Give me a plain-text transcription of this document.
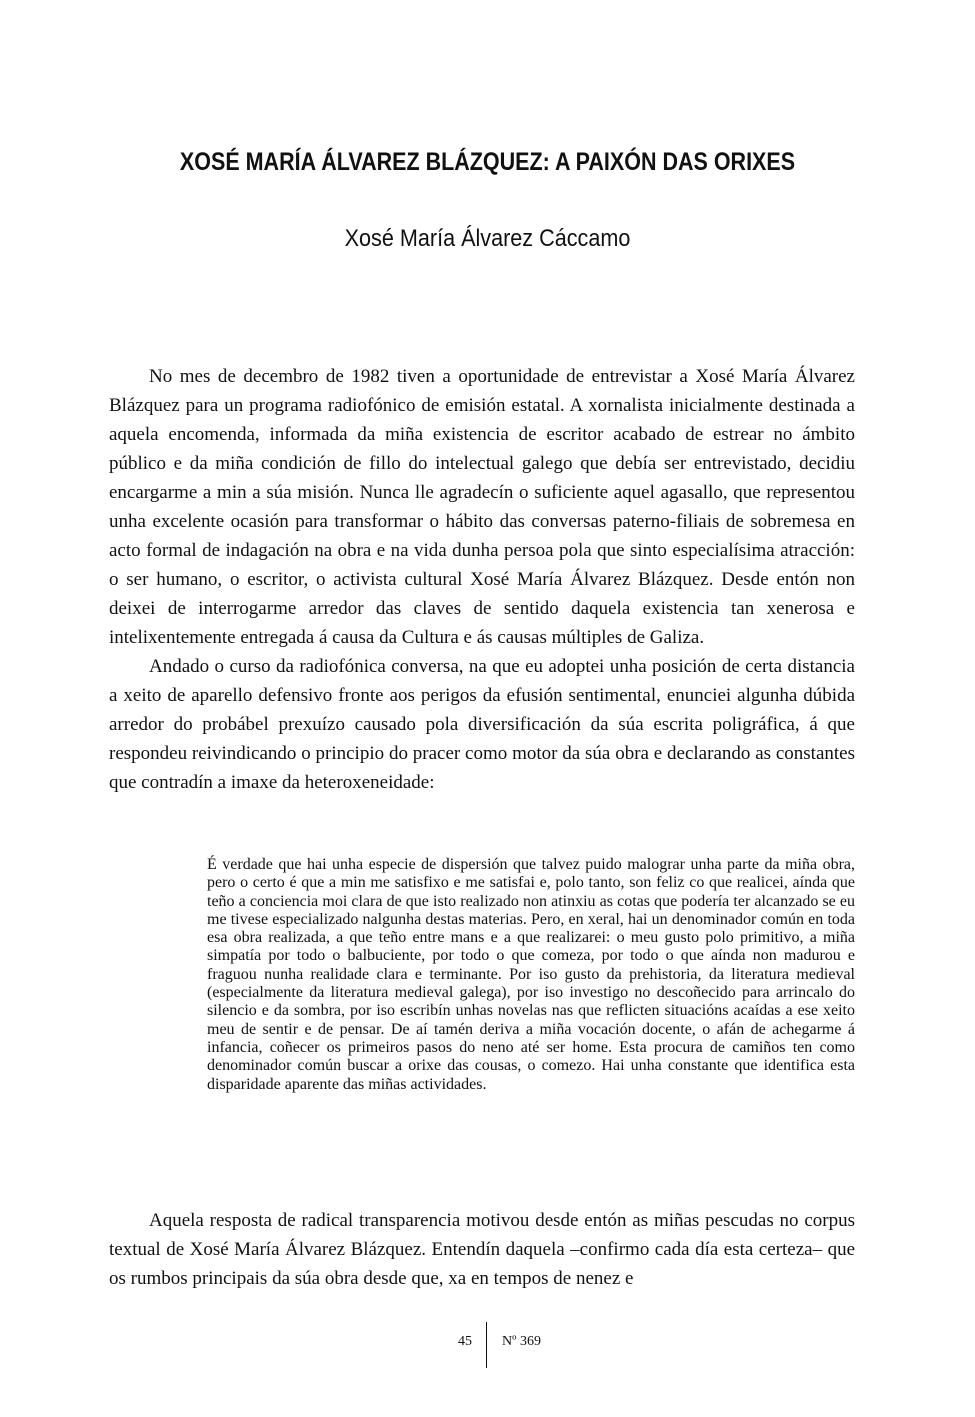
XOSÉ MARÍA ÁLVAREZ BLÁZQUEZ: A PAIXÓN DAS ORIXES
Xosé María Álvarez Cáccamo

No mes de decembro de 1982 tiven a oportunidade de entrevistar a Xosé María Álvarez Blázquez para un programa radiofónico de emisión estatal. A xornalista inicialmente destinada a aquela encomenda, informada da miña existencia de escritor acabado de estrear no ámbito público e da miña condición de fillo do intelectual galego que debía ser entrevistado, decidiu encargarme a min a súa misión. Nunca lle agradecín o suficiente aquel agasallo, que representou unha excelente ocasión para transformar o hábito das conversas paterno-filiais de sobremesa en acto formal de indagación na obra e na vida dunha persoa pola que sinto especialísima atracción: o ser humano, o escritor, o activista cultural Xosé María Álvarez Blázquez. Desde entón non deixei de interrogarme arredor das claves de sentido daquela existencia tan xenerosa e intelixentemente entregada á causa da Cultura e ás causas múltiples de Galiza.

Andado o curso da radiofónica conversa, na que eu adoptei unha posición de certa distancia a xeito de aparello defensivo fronte aos perigos da efusión sentimental, enunciei algunha dúbida arredor do probábel prexuízo causado pola diversificación da súa escrita poligráfica, á que respondeu reivindicando o principio do pracer como motor da súa obra e declarando as constantes que contradín a imaxe da heteroxeneidade:

É verdade que hai unha especie de dispersión que talvez puido malograr unha parte da miña obra, pero o certo é que a min me satisfixo e me satisfai e, polo tanto, son feliz co que realicei, aínda que teño a conciencia moi clara de que isto realizado non atinxiu as cotas que podería ter alcanzado se eu me tivese especializado nalgunha destas materias. Pero, en xeral, hai un denominador común en toda esa obra realizada, a que teño entre mans e a que realizarei: o meu gusto polo primitivo, a miña simpatía por todo o balbuciente, por todo o que comeza, por todo o que aínda non madurou e fraguou nunha realidade clara e terminante. Por iso gusto da prehistoria, da literatura medieval (especialmente da literatura medieval galega), por iso investigo no descoñecido para arrincalo do silencio e da sombra, por iso escribín unhas novelas nas que reflicten situacións acaídas a ese xeito meu de sentir e de pensar. De aí tamén deriva a miña vocación docente, o afán de achegarme á infancia, coñecer os primeiros pasos do neno até ser home. Esta procura de camiños ten como denominador común buscar a orixe das cousas, o comezo. Hai unha constante que identifica esta disparidade aparente das miñas actividades.

Aquela resposta de radical transparencia motivou desde entón as miñas pescudas no corpus textual de Xosé María Álvarez Blázquez. Entendín daquela –confirmo cada día esta certeza– que os rumbos principais da súa obra desde que, xa en tempos de nenez e

45 Nº 369
